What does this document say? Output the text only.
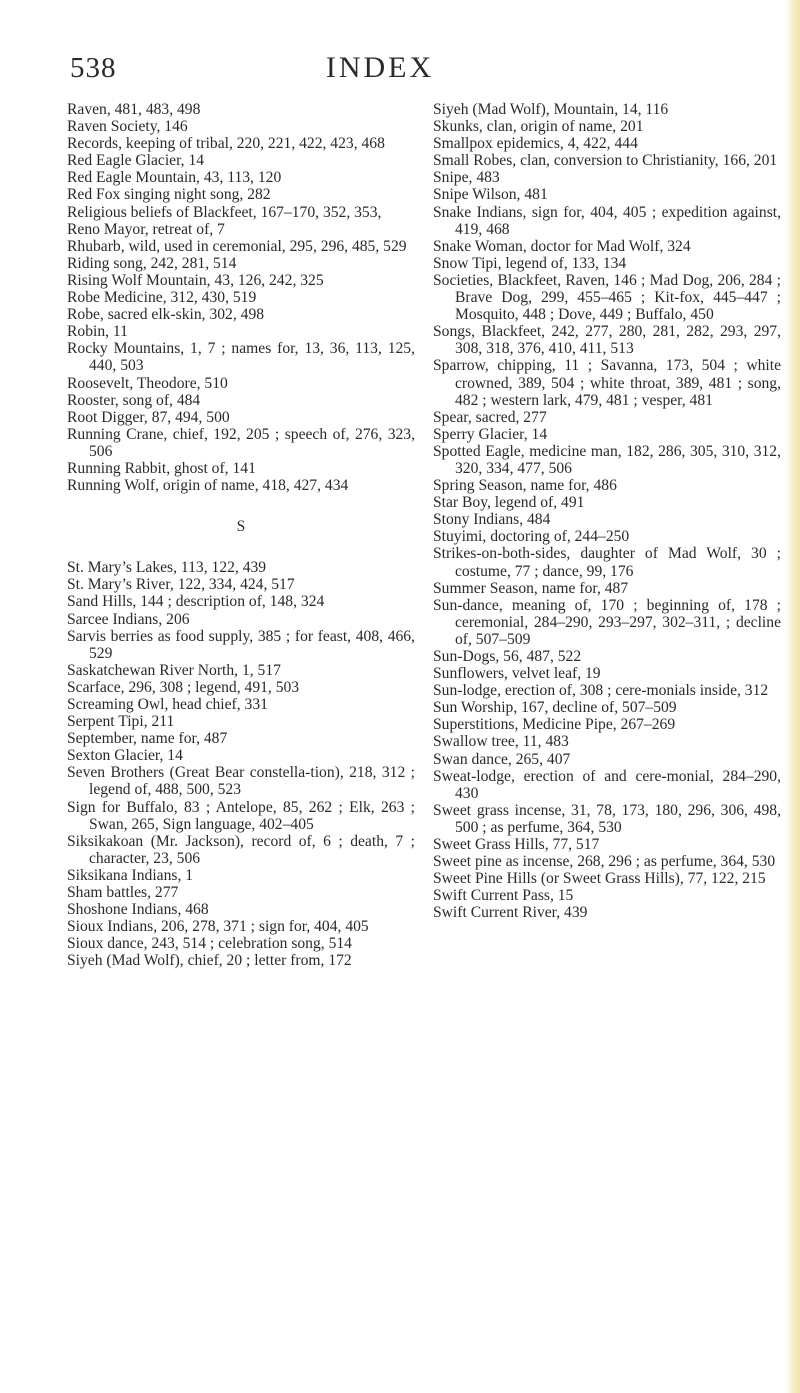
538	INDEX
Raven, 481, 483, 498
Raven Society, 146
Records, keeping of tribal, 220, 221, 422, 423, 468
Red Eagle Glacier, 14
Red Eagle Mountain, 43, 113, 120
Red Fox singing night song, 282
Religious beliefs of Blackfeet, 167–170, 352, 353,
Reno Mayor, retreat of, 7
Rhubarb, wild, used in ceremonial, 295, 296, 485, 529
Riding song, 242, 281, 514
Rising Wolf Mountain, 43, 126, 242, 325
Robe Medicine, 312, 430, 519
Robe, sacred elk-skin, 302, 498
Robin, 11
Rocky Mountains, 1, 7 ; names for, 13, 36, 113, 125, 440, 503
Roosevelt, Theodore, 510
Rooster, song of, 484
Root Digger, 87, 494, 500
Running Crane, chief, 192, 205 ; speech of, 276, 323, 506
Running Rabbit, ghost of, 141
Running Wolf, origin of name, 418, 427, 434
S
St. Mary’s Lakes, 113, 122, 439
St. Mary’s River, 122, 334, 424, 517
Sand Hills, 144 ; description of, 148, 324
Sarcee Indians, 206
Sarvis berries as food supply, 385 ; for feast, 408, 466, 529
Saskatchewan River North, 1, 517
Scarface, 296, 308 ; legend, 491, 503
Screaming Owl, head chief, 331
Serpent Tipi, 211
September, name for, 487
Sexton Glacier, 14
Seven Brothers (Great Bear constella-tion), 218, 312 ; legend of, 488, 500, 523
Sign for Buffalo, 83 ; Antelope, 85, 262 ; Elk, 263 ; Swan, 265, Sign language, 402–405
Siksikakoan (Mr. Jackson), record of, 6 ; death, 7 ; character, 23, 506
Siksikana Indians, 1
Sham battles, 277
Shoshone Indians, 468
Sioux Indians, 206, 278, 371 ; sign for, 404, 405
Sioux dance, 243, 514 ; celebration song, 514
Siyeh (Mad Wolf), chief, 20 ; letter from, 172
Siyeh (Mad Wolf), Mountain, 14, 116
Skunks, clan, origin of name, 201
Smallpox epidemics, 4, 422, 444
Small Robes, clan, conversion to Christianity, 166, 201
Snipe, 483
Snipe Wilson, 481
Snake Indians, sign for, 404, 405 ; expedition against, 419, 468
Snake Woman, doctor for Mad Wolf, 324
Snow Tipi, legend of, 133, 134
Societies, Blackfeet, Raven, 146 ; Mad Dog, 206, 284 ; Brave Dog, 299, 455–465 ; Kit-fox, 445–447 ; Mosquito, 448 ; Dove, 449 ; Buffalo, 450
Songs, Blackfeet, 242, 277, 280, 281, 282, 293, 297, 308, 318, 376, 410, 411, 513
Sparrow, chipping, 11 ; Savanna, 173, 504 ; white crowned, 389, 504 ; white throat, 389, 481 ; song, 482 ; western lark, 479, 481 ; vesper, 481
Spear, sacred, 277
Sperry Glacier, 14
Spotted Eagle, medicine man, 182, 286, 305, 310, 312, 320, 334, 477, 506
Spring Season, name for, 486
Star Boy, legend of, 491
Stony Indians, 484
Stuyimi, doctoring of, 244–250
Strikes-on-both-sides, daughter of Mad Wolf, 30 ; costume, 77 ; dance, 99, 176
Summer Season, name for, 487
Sun-dance, meaning of, 170 ; beginning of, 178 ; ceremonial, 284–290, 293–297, 302–311, ; decline of, 507–509
Sun-Dogs, 56, 487, 522
Sunflowers, velvet leaf, 19
Sun-lodge, erection of, 308 ; cere-monials inside, 312
Sun Worship, 167, decline of, 507–509
Superstitions, Medicine Pipe, 267–269
Swallow tree, 11, 483
Swan dance, 265, 407
Sweat-lodge, erection of and cere-monial, 284–290, 430
Sweet grass incense, 31, 78, 173, 180, 296, 306, 498, 500 ; as perfume, 364, 530
Sweet Grass Hills, 77, 517
Sweet pine as incense, 268, 296 ; as perfume, 364, 530
Sweet Pine Hills (or Sweet Grass Hills), 77, 122, 215
Swift Current Pass, 15
Swift Current River, 439
